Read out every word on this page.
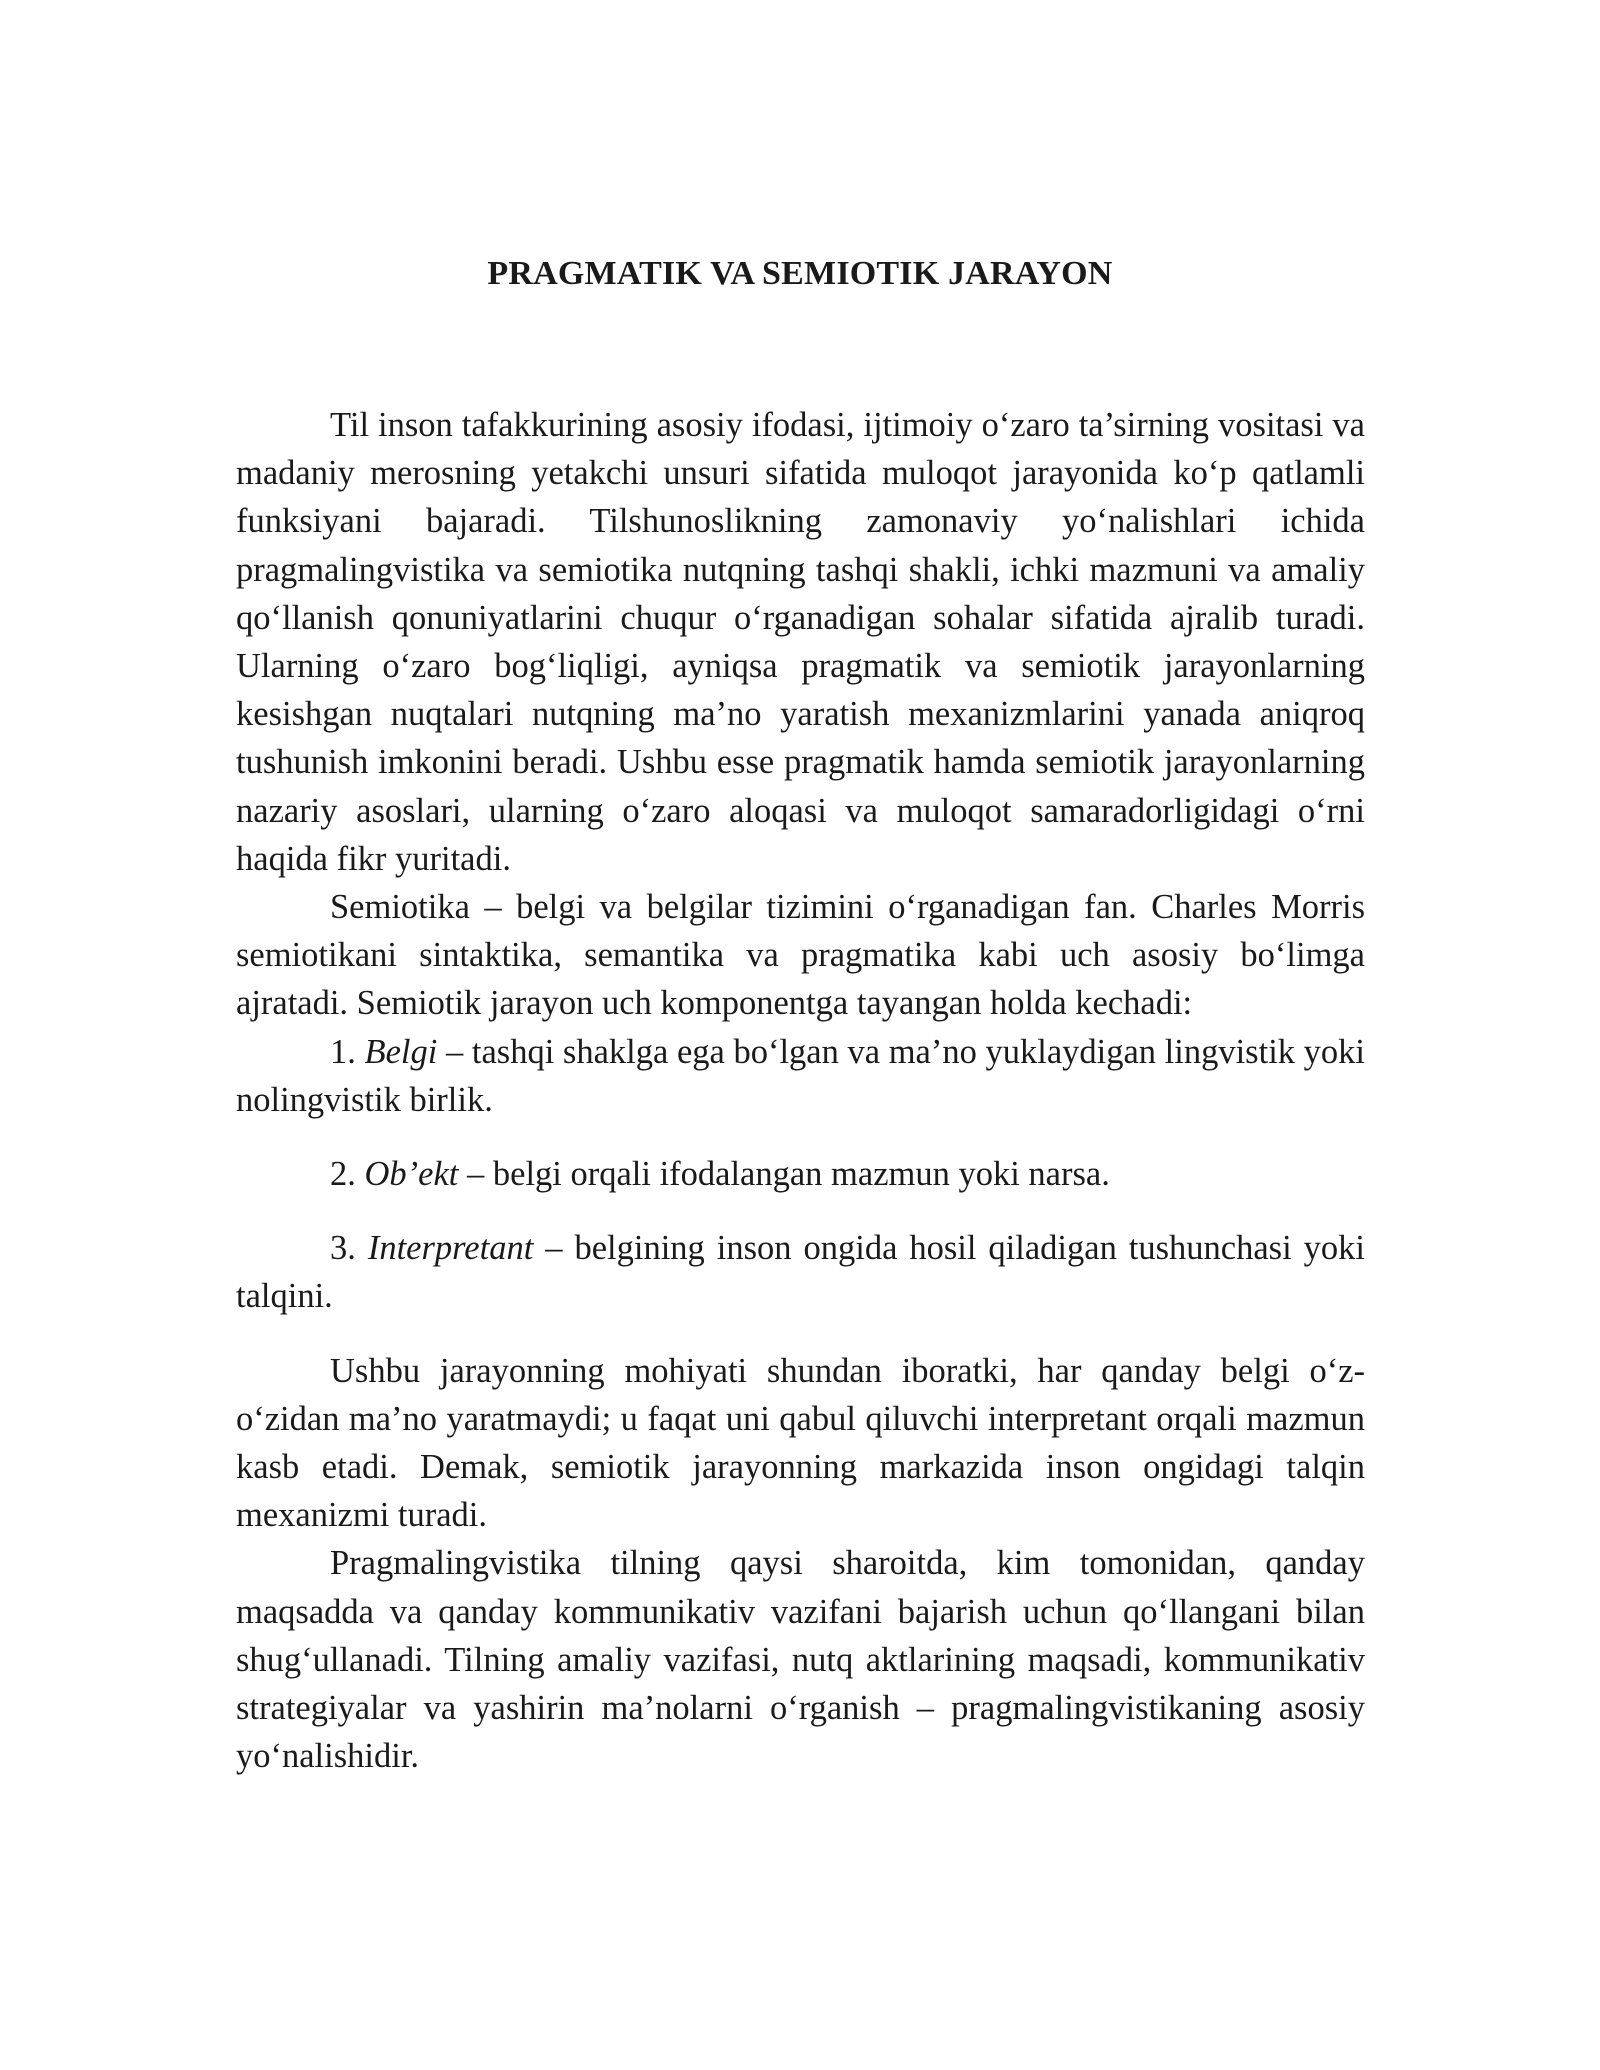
PRAGMATIK VA SEMIOTIK JARAYON

Til inson tafakkurining asosiy ifodasi, ijtimoiy o‘zaro ta’sirning vositasi va madaniy merosning yetakchi unsuri sifatida muloqot jarayonida ko‘p qatlamli funksiyani bajaradi. Tilshunoslikning zamonaviy yo‘nalishlari ichida pragmalingvistika va semiotika nutqning tashqi shakli, ichki mazmuni va amaliy qo‘llanish qonuniyatlarini chuqur o‘rganadigan sohalar sifatida ajralib turadi. Ularning o‘zaro bog‘liqligi, ayniqsa pragmatik va semiotik jarayonlarning kesishgan nuqtalari nutqning ma’no yaratish mexanizmlarini yanada aniqroq tushunish imkonini beradi. Ushbu esse pragmatik hamda semiotik jarayonlarning nazariy asoslari, ularning o‘zaro aloqasi va muloqot samaradorligidagi o‘rni haqida fikr yuritadi.

Semiotika – belgi va belgilar tizimini o‘rganadigan fan. Charles Morris semiotikani sintaktika, semantika va pragmatika kabi uch asosiy bo‘limga ajratadi. Semiotik jarayon uch komponentga tayangan holda kechadi:

1. Belgi – tashqi shaklga ega bo‘lgan va ma’no yuklaydigan lingvistik yoki nolingvistik birlik.

2. Ob’ekt – belgi orqali ifodalangan mazmun yoki narsa.

3. Interpretant – belgining inson ongida hosil qiladigan tushunchasi yoki talqini.

Ushbu jarayonning mohiyati shundan iboratki, har qanday belgi o‘z-o‘zidan ma’no yaratmaydi; u faqat uni qabul qiluvchi interpretant orqali mazmun kasb etadi. Demak, semiotik jarayonning markazida inson ongidagi talqin mexanizmi turadi.

Pragmalingvistika tilning qaysi sharoitda, kim tomonidan, qanday maqsadda va qanday kommunikativ vazifani bajarish uchun qo‘llangani bilan shug‘ullanadi. Tilning amaliy vazifasi, nutq aktlarining maqsadi, kommunikativ strategiyalar va yashirin ma’nolarni o‘rganish – pragmalingvistikaning asosiy yo‘nalishidir.
